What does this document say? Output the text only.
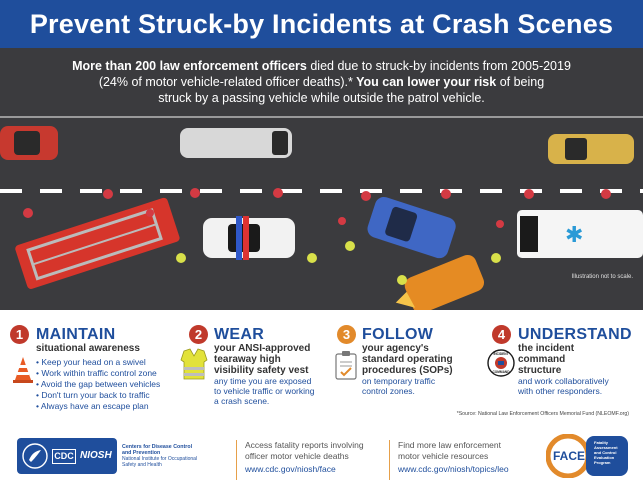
Prevent Struck-by Incidents at Crash Scenes
More than 200 law enforcement officers died due to struck-by incidents from 2005-2019
(24% of motor vehicle-related officer deaths).* You can lower your risk of being
struck by a passing vehicle while outside the patrol vehicle.
✱
Illustration not to scale.
1 MAINTAIN
situational awareness
• Keep your head on a swivel
• Work within traffic control zone
• Avoid the gap between vehicles
• Don't turn your back to traffic
• Always have an escape plan
2 WEAR
your ANSI-approved
tearaway high
visibility safety vest
any time you are exposed
to vehicle traffic or working
a crash scene.
3 FOLLOW
your agency's
standard operating
procedures (SOPs)
on temporary traffic
control zones.
4 UNDERSTAND
INCIDENT
COMMAND
the incident
command
structure
and work collaboratively
with other responders.
*Source: National Law Enforcement Officers Memorial Fund (NLEOMF.org)
CDC NIOSH
Centers for Disease Control
and Prevention
National Institute for Occupational
Safety and Health
Access fatality reports involving
officer motor vehicle deaths
www.cdc.gov/niosh/face
Find more law enforcement
motor vehicle resources
www.cdc.gov/niosh/topics/leo
FACE
Fatality
Assessment
and Control
Evaluation
Program
